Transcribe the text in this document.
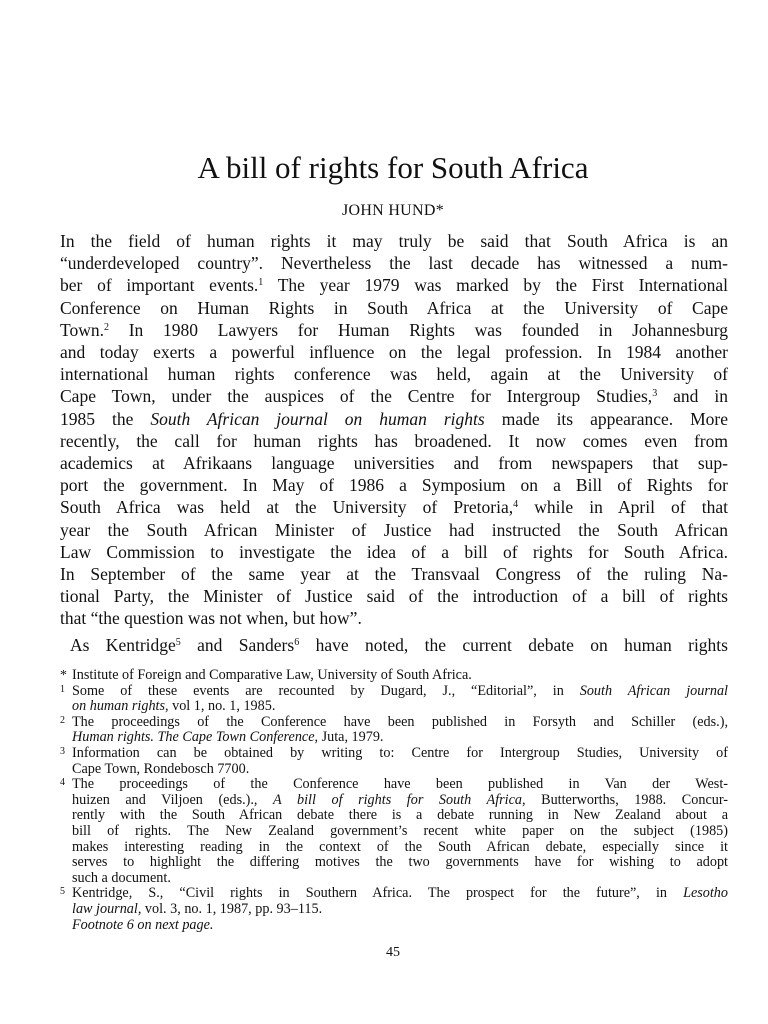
A bill of rights for South Africa
JOHN HUND*

In the field of human rights it may truly be said that South Africa is an
“underdeveloped country”. Nevertheless the last decade has witnessed a num-
ber of important events.$^1$ The year 1979 was marked by the First International
Conference on Human Rights in South Africa at the University of Cape
Town.$^2$ In 1980 Lawyers for Human Rights was founded in Johannesburg
and today exerts a powerful influence on the legal profession. In 1984 another
international human rights conference was held, again at the University of
Cape Town, under the auspices of the Centre for Intergroup Studies,$^3$ and in
1985 the South African journal on human rights made its appearance. More
recently, the call for human rights has broadened. It now comes even from
academics at Afrikaans language universities and from newspapers that sup-
port the government. In May of 1986 a Symposium on a Bill of Rights for
South Africa was held at the University of Pretoria,$^4$ while in April of that
year the South African Minister of Justice had instructed the South African
Law Commission to investigate the idea of a bill of rights for South Africa.
In September of the same year at the Transvaal Congress of the ruling Na-
tional Party, the Minister of Justice said of the introduction of a bill of rights
that “the question was not when, but how”.

As Kentridge$^5$ and Sanders$^6$ have noted, the current debate on human rights

* Institute of Foreign and Comparative Law, University of South Africa.
1 Some of these events are recounted by Dugard, J., “Editorial”, in South African journal
on human rights, vol 1, no. 1, 1985.
2 The proceedings of the Conference have been published in Forsyth and Schiller (eds.),
Human rights. The Cape Town Conference, Juta, 1979.
3 Information can be obtained by writing to: Centre for Intergroup Studies, University of
Cape Town, Rondebosch 7700.
4 The proceedings of the Conference have been published in Van der West-
huizen and Viljoen (eds.)., A bill of rights for South Africa, Butterworths, 1988. Concur-
rently with the South African debate there is a debate running in New Zealand about a
bill of rights. The New Zealand government’s recent white paper on the subject (1985)
makes interesting reading in the context of the South African debate, especially since it
serves to highlight the differing motives the two governments have for wishing to adopt
such a document.
5 Kentridge, S., “Civil rights in Southern Africa. The prospect for the future”, in Lesotho
law journal, vol. 3, no. 1, 1987, pp. 93–115.
Footnote 6 on next page.
45
